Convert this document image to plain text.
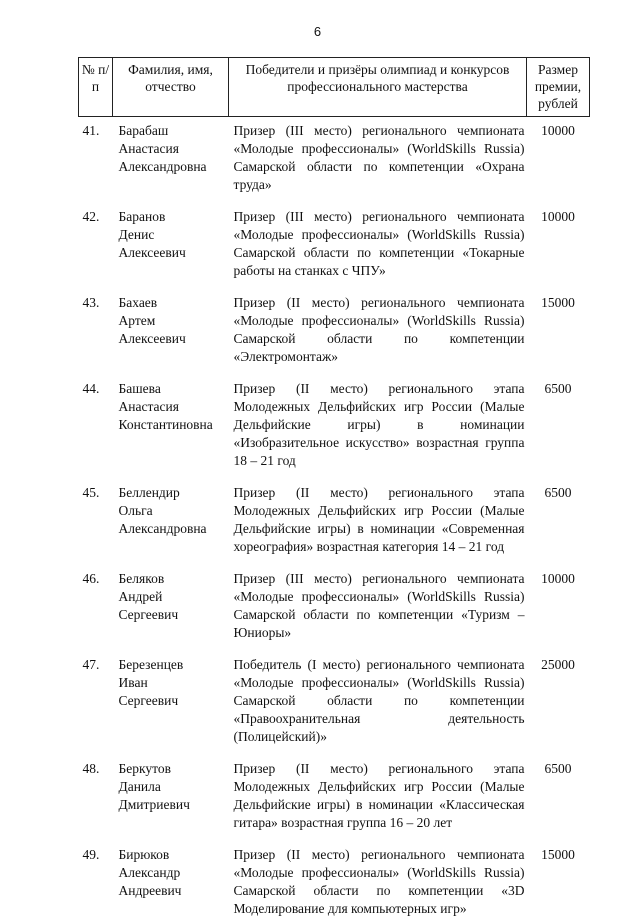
6
№ п/п	Фамилия, имя, отчество	Победители и призёры олимпиад и конкурсов профессионального мастерства	Размер премии, рублей

41.	Барабаш
Анастасия
Александровна	Призер (III место) регионального чемпионата «Молодые профессионалы» (WorldSkills Russia) Самарской области по компетенции «Охрана труда»	10000

42.	Баранов
Денис
Алексеевич	Призер (III место) регионального чемпионата «Молодые профессионалы» (WorldSkills Russia) Самарской области по компетенции «Токарные работы на станках с ЧПУ»	10000

43.	Бахаев
Артем
Алексеевич	Призер (II место) регионального чемпионата «Молодые профессионалы» (WorldSkills Russia) Самарской области по компетенции «Электромонтаж»	15000

44.	Башева
Анастасия
Константиновна	Призер (II место) регионального этапа Молодежных Дельфийских игр России (Малые Дельфийские игры) в номинации «Изобразительное искусство» возрастная группа 18 – 21 год	6500

45.	Беллендир
Ольга
Александровна	Призер (II место) регионального этапа Молодежных Дельфийских игр России (Малые Дельфийские игры) в номинации «Современная хореография» возрастная категория 14 – 21 год	6500

46.	Беляков
Андрей
Сергеевич	Призер (III место) регионального чемпионата «Молодые профессионалы» (WorldSkills Russia) Самарской области по компетенции «Туризм – Юниоры»	10000

47.	Березенцев
Иван
Сергеевич	Победитель (I место) регионального чемпионата «Молодые профессионалы» (WorldSkills Russia) Самарской области по компетенции «Правоохранительная деятельность (Полицейский)»	25000

48.	Беркутов
Данила
Дмитриевич	Призер (II место) регионального этапа Молодежных Дельфийских игр России (Малые Дельфийские игры) в номинации «Классическая гитара» возрастная группа 16 – 20 лет	6500

49.	Бирюков
Александр
Андреевич	Призер (II место) регионального чемпионата «Молодые профессионалы» (WorldSkills Russia) Самарской области по компетенции «3D Моделирование для компьютерных игр»	15000
